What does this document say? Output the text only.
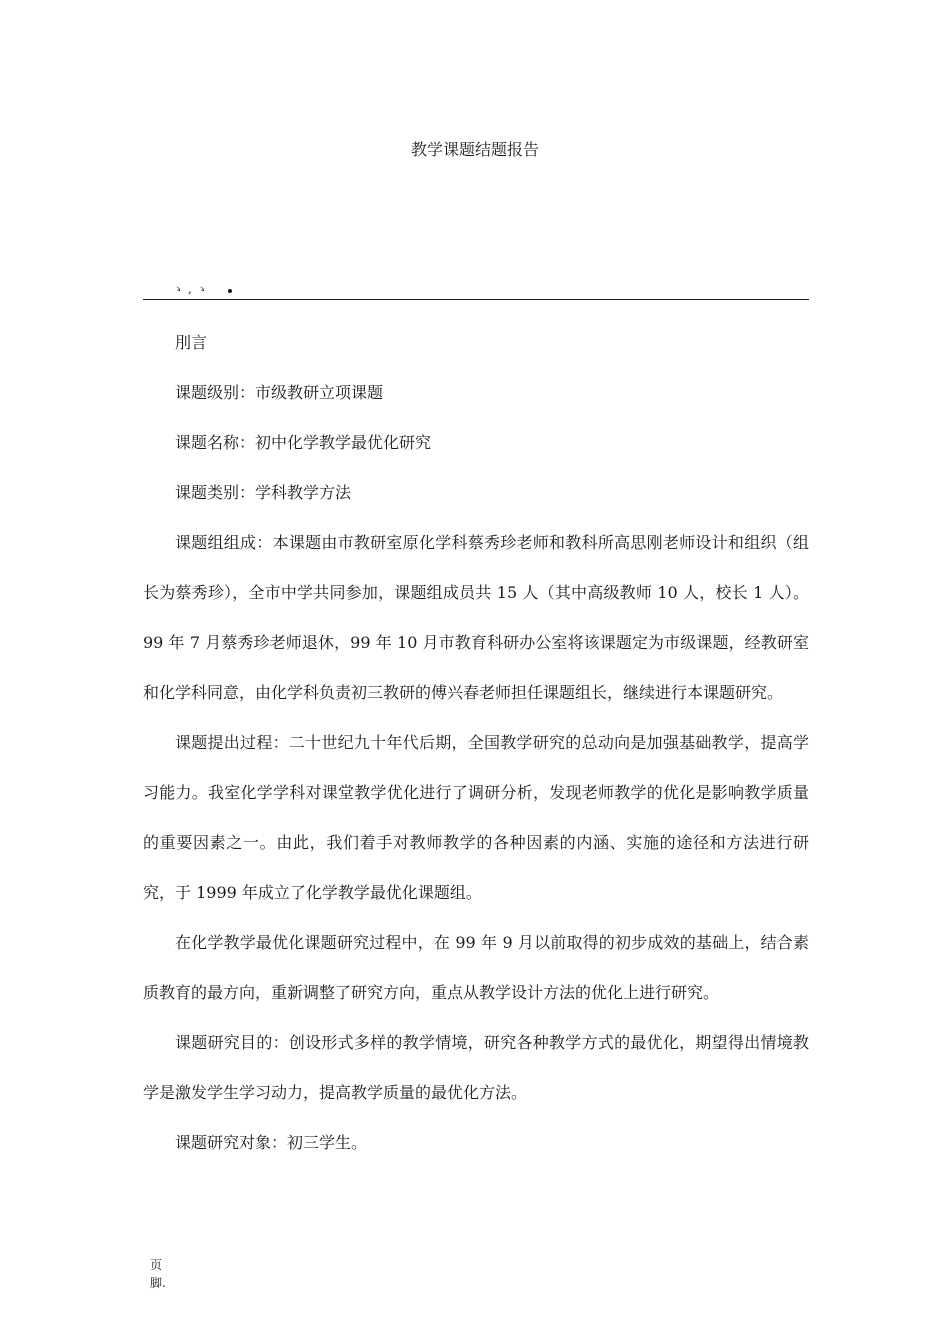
教学课题结题报告
ゝ,ゝ

刖言

课题级别：市级教研立项课题

课题名称：初中化学教学最优化研究

课题类别：学科教学方法

课题组组成：本课题由市教研室原化学科蔡秀珍老师和教科所高思刚老师设计和组织（组长为蔡秀珍），全市中学共同参加，课题组成员共 15 人（其中高级教师 10 人，校长 1 人）。99 年 7 月蔡秀珍老师退休，99 年 10 月市教育科研办公室将该课题定为市级课题，经教研室和化学科同意，由化学科负责初三教研的傅兴春老师担任课题组长，继续进行本课题研究。

课题提出过程：二十世纪九十年代后期，全国教学研究的总动向是加强基础教学，提高学习能力。我室化学学科对课堂教学优化进行了调研分析，发现老师教学的优化是影响教学质量的重要因素之一。由此，我们着手对教师教学的各种因素的内涵、实施的途径和方法进行研究，于 1999 年成立了化学教学最优化课题组。

在化学教学最优化课题研究过程中，在 99 年 9 月以前取得的初步成效的基础上，结合素质教育的最方向，重新调整了研究方向，重点从教学设计方法的优化上进行研究。

课题研究目的：创设形式多样的教学情境，研究各种教学方式的最优化，期望得出情境教学是激发学生学习动力，提高教学质量的最优化方法。

课题研究对象：初三学生。

页
脚.
